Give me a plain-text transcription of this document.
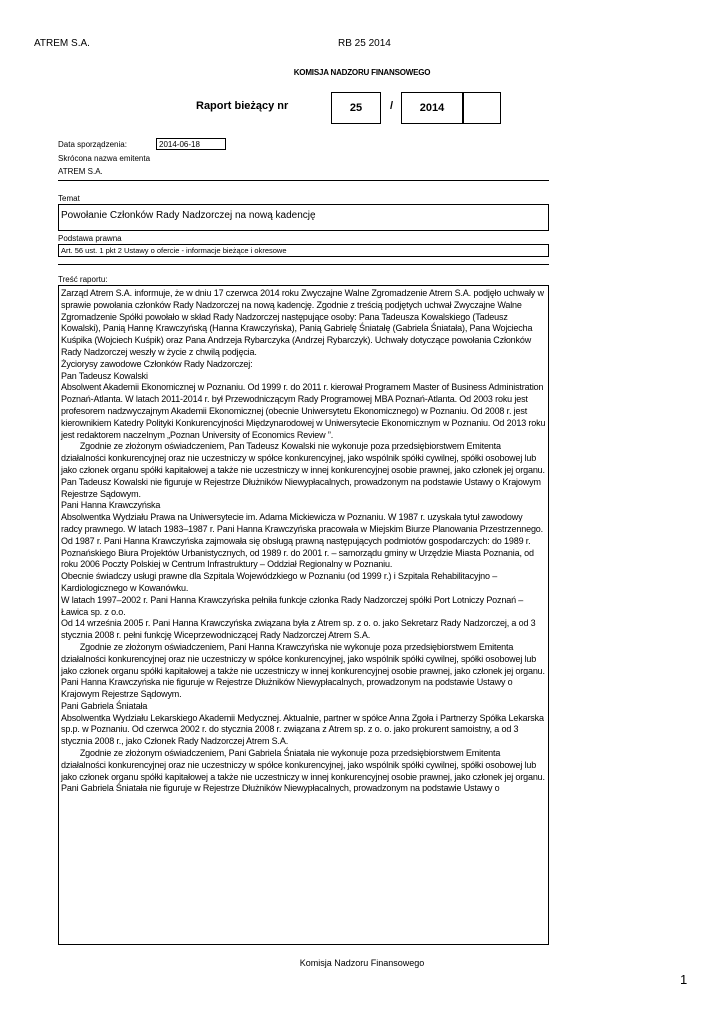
ATREM S.A.	RB 25 2014
KOMISJA NADZORU FINANSOWEGO
Raport bieżący nr	25	/ 2014
Data sporządzenia:	2014-06-18
Skrócona nazwa emitenta
ATREM S.A.
Temat
Powołanie Członków Rady Nadzorczej na nową kadencję
Podstawa prawna
Art. 56 ust. 1 pkt 2 Ustawy o ofercie - informacje bieżące i okresowe
Treść raportu:

Zarząd Atrem S.A. informuje, że w dniu 17 czerwca 2014 roku Zwyczajne Walne Zgromadzenie Atrem S.A. podjęło uchwały w sprawie powołania członków Rady Nadzorczej na nową kadencję. Zgodnie z treścią podjętych uchwał Zwyczajne Walne Zgromadzenie Spółki powołało w skład Rady Nadzorczej następujące osoby: Pana Tadeusza Kowalskiego (Tadeusz Kowalski), Panią Hannę Krawczyńską (Hanna Krawczyńska), Panią Gabrielę Śniatałę (Gabriela Śniatała), Pana Wojciecha Kuśpika (Wojciech Kuśpik) oraz Pana Andrzeja Rybarczyka (Andrzej Rybarczyk). Uchwały dotyczące powołania Członków Rady Nadzorczej weszły w życie z chwilą podjęcia.

Życiorysy zawodowe Członków Rady Nadzorczej:

Pan Tadeusz Kowalski

Absolwent Akademii Ekonomicznej w Poznaniu. Od 1999 r. do 2011 r. kierował Programem Master of Business Administration Poznań-Atlanta. W latach 2011-2014 r. był Przewodniczącym Rady Programowej MBA Poznań-Atlanta. Od 2003 roku jest profesorem nadzwyczajnym Akademii Ekonomicznej (obecnie Uniwersytetu Ekonomicznego) w Poznaniu. Od 2008 r. jest kierownikiem Katedry Polityki Konkurencyjności Międzynarodowej w Uniwersytecie Ekonomicznym w Poznaniu. Od 2013 roku jest redaktorem naczelnym „Poznan University of Economics Review ”.

Zgodnie ze złożonym oświadczeniem, Pan Tadeusz Kowalski nie wykonuje poza przedsiębiorstwem Emitenta działalności konkurencyjnej oraz nie uczestniczy w spółce konkurencyjnej, jako wspólnik spółki cywilnej, spółki osobowej lub jako członek organu spółki kapitałowej a także nie uczestniczy w innej konkurencyjnej osobie prawnej, jako członek jej organu.

Pan Tadeusz Kowalski nie figuruje w Rejestrze Dłużników Niewypłacalnych, prowadzonym na podstawie Ustawy o Krajowym Rejestrze Sądowym.

Pani Hanna Krawczyńska

Absolwentka Wydziału Prawa na Uniwersytecie im. Adama Mickiewicza w Poznaniu. W 1987 r. uzyskała tytuł zawodowy radcy prawnego. W latach 1983–1987 r. Pani Hanna Krawczyńska pracowała w Miejskim Biurze Planowania Przestrzennego. Od 1987 r. Pani Hanna Krawczyńska zajmowała się obsługą prawną następujących podmiotów gospodarczych: do 1989 r. Poznańskiego Biura Projektów Urbanistycznych, od 1989 r. do 2001 r. – samorządu gminy w Urzędzie Miasta Poznania, od roku 2006 Poczty Polskiej w Centrum Infrastruktury – Oddział Regionalny w Poznaniu.

Obecnie świadczy usługi prawne dla Szpitala Wojewódzkiego w Poznaniu (od 1999 r.) i Szpitala Rehabilitacyjno – Kardiologicznego w Kowanówku.

W latach 1997–2002 r. Pani Hanna Krawczyńska pełniła funkcje członka Rady Nadzorczej spółki Port Lotniczy Poznań – Ławica sp. z o.o.

Od 14 września 2005 r. Pani Hanna Krawczyńska związana była z Atrem sp. z o. o. jako Sekretarz Rady Nadzorczej, a od 3 stycznia 2008 r. pełni funkcję Wiceprzewodniczącej Rady Nadzorczej Atrem S.A.

Zgodnie ze złożonym oświadczeniem, Pani Hanna Krawczyńska nie wykonuje poza przedsiębiorstwem Emitenta działalności konkurencyjnej oraz nie uczestniczy w spółce konkurencyjnej, jako wspólnik spółki cywilnej, spółki osobowej lub jako członek organu spółki kapitałowej a także nie uczestniczy w innej konkurencyjnej osobie prawnej, jako członek jej organu.

Pani Hanna Krawczyńska nie figuruje w Rejestrze Dłużników Niewypłacalnych, prowadzonym na podstawie Ustawy o Krajowym Rejestrze Sądowym.

Pani Gabriela Śniatała

Absolwentka Wydziału Lekarskiego Akademii Medycznej. Aktualnie, partner w spółce Anna Zgoła i Partnerzy Spółka Lekarska sp.p. w Poznaniu. Od czerwca 2002 r. do stycznia 2008 r. związana z Atrem sp. z o. o. jako prokurent samoistny, a od 3 stycznia 2008 r., jako Członek Rady Nadzorczej Atrem S.A.

Zgodnie ze złożonym oświadczeniem, Pani Gabriela Śniatała nie wykonuje poza przedsiębiorstwem Emitenta działalności konkurencyjnej oraz nie uczestniczy w spółce konkurencyjnej, jako wspólnik spółki cywilnej, spółki osobowej lub jako członek organu spółki kapitałowej a także nie uczestniczy w innej konkurencyjnej osobie prawnej, jako członek jej organu.

Pani Gabriela Śniatała nie figuruje w Rejestrze Dłużników Niewypłacalnych, prowadzonym na podstawie Ustawy o

Komisja Nadzoru Finansowego
1
